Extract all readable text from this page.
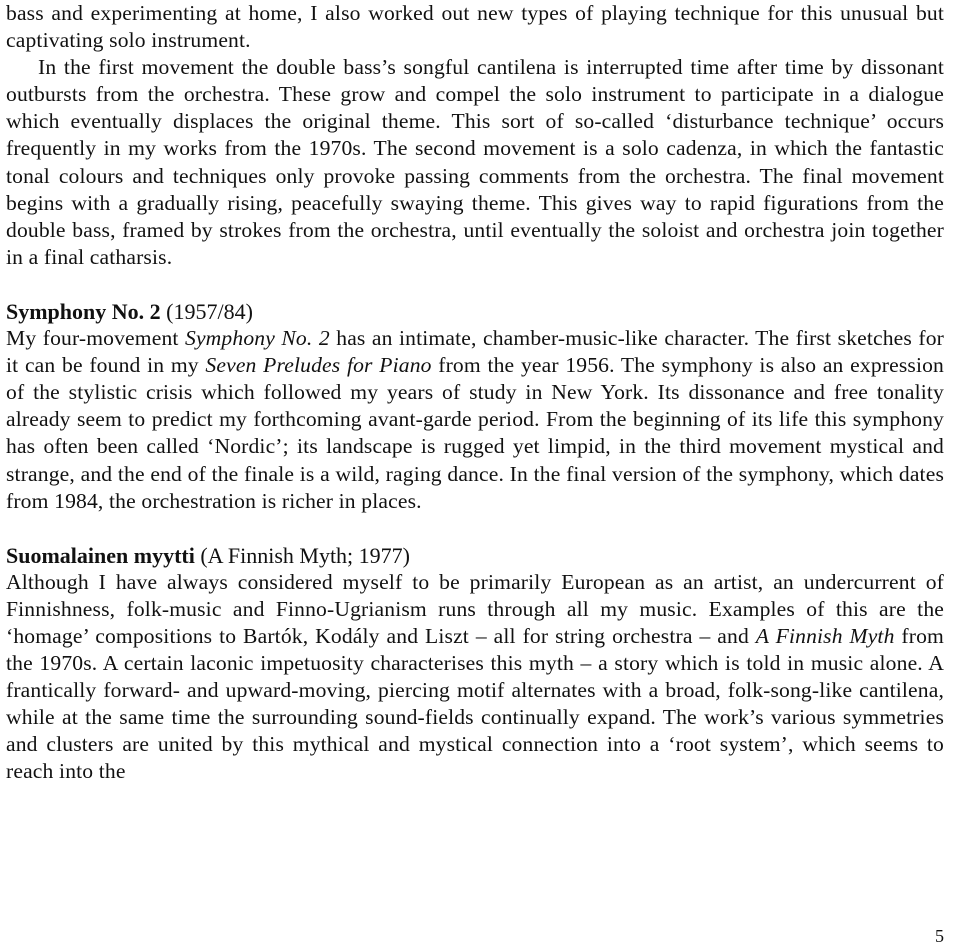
bass and experimenting at home, I also worked out new types of playing technique for this unusual but captivating solo instrument.

In the first movement the double bass’s songful cantilena is interrupted time after time by dissonant outbursts from the orchestra. These grow and compel the solo instrument to participate in a dialogue which eventually displaces the original theme. This sort of so-called ‘disturbance technique’ occurs frequently in my works from the 1970s. The second movement is a solo cadenza, in which the fantastic tonal colours and techniques only provoke passing comments from the orchestra. The final movement begins with a gradually rising, peacefully swaying theme. This gives way to rapid figurations from the double bass, framed by strokes from the orchestra, until eventually the soloist and orchestra join together in a final catharsis.

Symphony No. 2 (1957/84)

My four-movement Symphony No. 2 has an intimate, chamber-music-like character. The first sketches for it can be found in my Seven Preludes for Piano from the year 1956. The symphony is also an expression of the stylistic crisis which followed my years of study in New York. Its dissonance and free tonality already seem to predict my forthcoming avant-garde period. From the beginning of its life this symphony has often been called ‘Nordic’; its landscape is rugged yet limpid, in the third movement mystical and strange, and the end of the finale is a wild, raging dance. In the final version of the symphony, which dates from 1984, the orchestration is richer in places.

Suomalainen myytti (A Finnish Myth; 1977)

Although I have always considered myself to be primarily European as an artist, an undercurrent of Finnishness, folk-music and Finno-Ugrianism runs through all my music. Examples of this are the ‘homage’ compositions to Bartók, Kodály and Liszt – all for string orchestra – and A Finnish Myth from the 1970s. A certain laconic impetuosity characterises this myth – a story which is told in music alone. A frantically forward- and upward-moving, piercing motif alternates with a broad, folk-song-like cantilena, while at the same time the surrounding sound-fields continually expand. The work’s various symmetries and clusters are united by this mythical and mystical connection into a ‘root system’, which seems to reach into the

5
